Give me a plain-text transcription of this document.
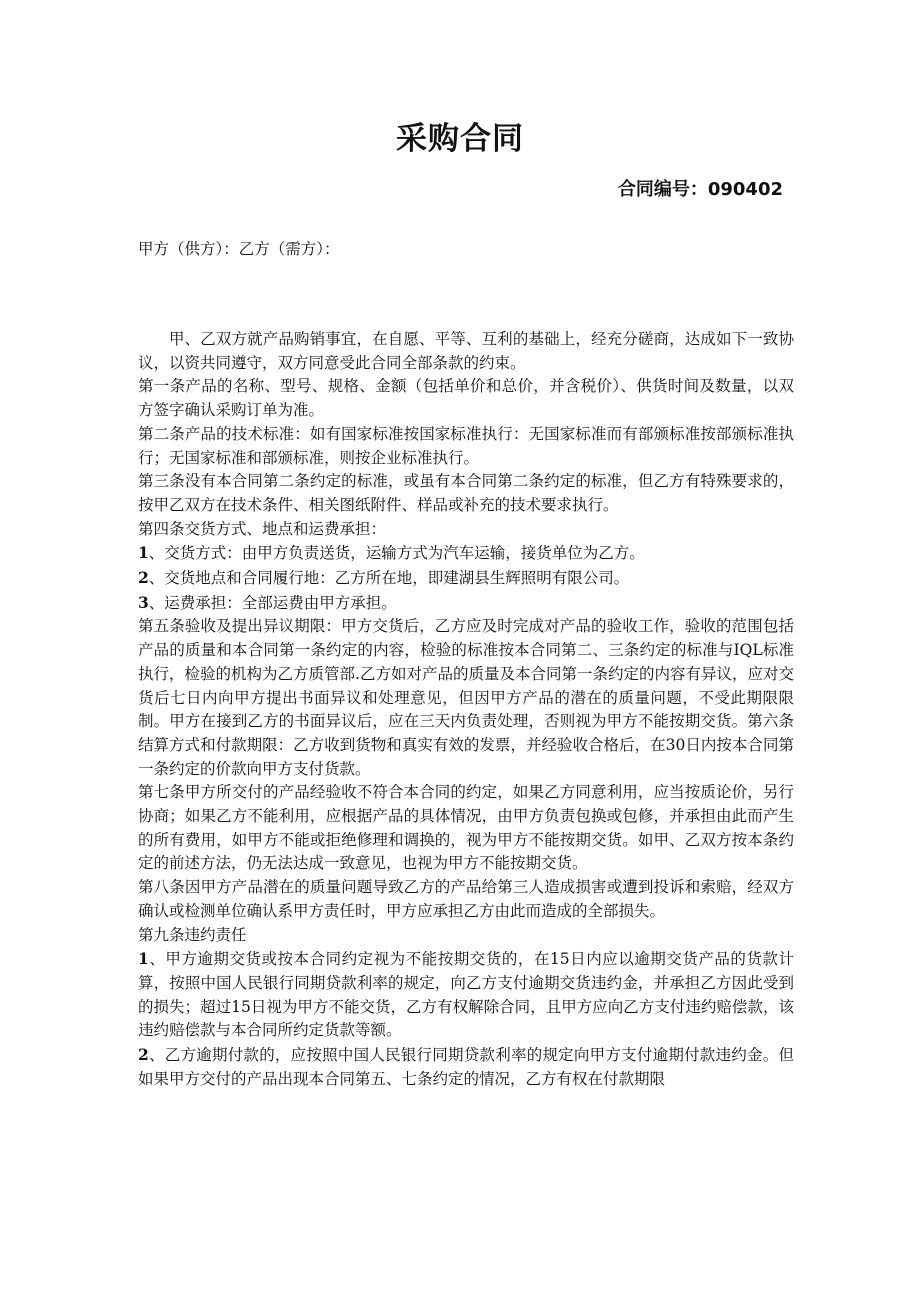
采购合同
合同编号：090402
甲方（供方）：乙方（需方）：

甲、乙双方就产品购销事宜，在自愿、平等、互利的基础上，经充分磋商，达成如下一致协议，以资共同遵守，双方同意受此合同全部条款的约束。

第一条产品的名称、型号、规格、金额（包括单价和总价，并含税价）、供货时间及数量，以双方签字确认采购订单为准。

第二条产品的技术标准：如有国家标准按国家标准执行：无国家标准而有部颁标准按部颁标准执行；无国家标准和部颁标准，则按企业标准执行。

第三条没有本合同第二条约定的标准，或虽有本合同第二条约定的标准，但乙方有特殊要求的，按甲乙双方在技术条件、相关图纸附件、样品或补充的技术要求执行。

第四条交货方式、地点和运费承担：

1、交货方式：由甲方负责送货，运输方式为汽车运输，接货单位为乙方。

2、交货地点和合同履行地：乙方所在地，即建湖县生辉照明有限公司。

3、运费承担：全部运费由甲方承担。

第五条验收及提出异议期限：甲方交货后，乙方应及时完成对产品的验收工作，验收的范围包括产品的质量和本合同第一条约定的内容，检验的标准按本合同第二、三条约定的标准与IQL标准执行，检验的机构为乙方质管部.乙方如对产品的质量及本合同第一条约定的内容有异议，应对交货后七日内向甲方提出书面异议和处理意见，但因甲方产品的潜在的质量问题，不受此期限限制。甲方在接到乙方的书面异议后，应在三天内负责处理，否则视为甲方不能按期交货。第六条结算方式和付款期限：乙方收到货物和真实有效的发票，并经验收合格后，在30日内按本合同第一条约定的价款向甲方支付货款。

第七条甲方所交付的产品经验收不符合本合同的约定，如果乙方同意利用，应当按质论价，另行协商；如果乙方不能利用，应根据产品的具体情况，由甲方负责包换或包修，并承担由此而产生的所有费用，如甲方不能或拒绝修理和调换的，视为甲方不能按期交货。如甲、乙双方按本条约定的前述方法，仍无法达成一致意见，也视为甲方不能按期交货。

第八条因甲方产品潜在的质量问题导致乙方的产品给第三人造成损害或遭到投诉和索赔，经双方确认或检测单位确认系甲方责任时，甲方应承担乙方由此而造成的全部损失。

第九条违约责任

1、甲方逾期交货或按本合同约定视为不能按期交货的，在15日内应以逾期交货产品的货款计算，按照中国人民银行同期贷款利率的规定，向乙方支付逾期交货违约金，并承担乙方因此受到的损失；超过15日视为甲方不能交货，乙方有权解除合同，且甲方应向乙方支付违约赔偿款，该违约赔偿款与本合同所约定货款等额。

2、乙方逾期付款的，应按照中国人民银行同期贷款利率的规定向甲方支付逾期付款违约金。但如果甲方交付的产品出现本合同第五、七条约定的情况，乙方有权在付款期限
